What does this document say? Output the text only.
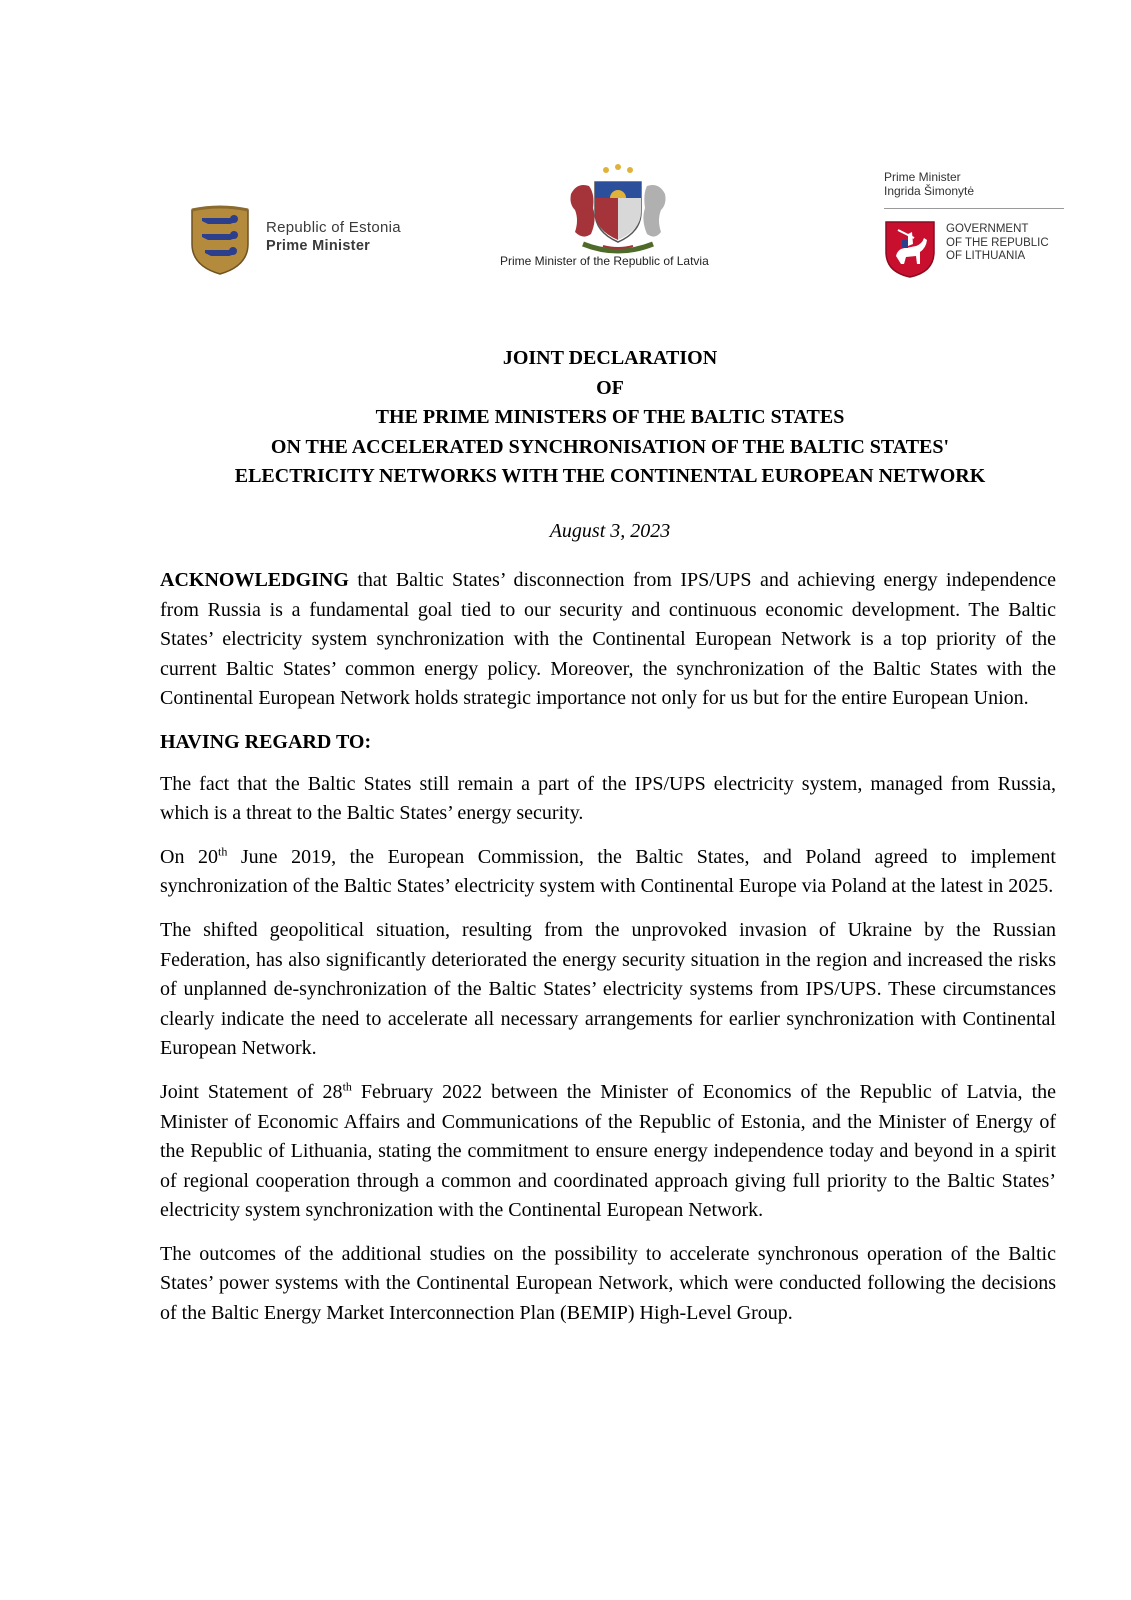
Republic of Estonia
Prime Minister
Prime Minister of the Republic of Latvia
Prime Minister
Ingrida Šimonytė
GOVERNMENT
OF THE REPUBLIC
OF LITHUANIA
JOINT DECLARATION
OF
THE PRIME MINISTERS OF THE BALTIC STATES
ON THE ACCELERATED SYNCHRONISATION OF THE BALTIC STATES'
ELECTRICITY NETWORKS WITH THE CONTINENTAL EUROPEAN NETWORK
August 3, 2023

ACKNOWLEDGING that Baltic States’ disconnection from IPS/UPS and achieving energy independence from Russia is a fundamental goal tied to our security and continuous economic development. The Baltic States’ electricity system synchronization with the Continental European Network is a top priority of the current Baltic States’ common energy policy. Moreover, the synchronization of the Baltic States with the Continental European Network holds strategic importance not only for us but for the entire European Union.

HAVING REGARD TO:

The fact that the Baltic States still remain a part of the IPS/UPS electricity system, managed from Russia, which is a threat to the Baltic States’ energy security.

On 20th June 2019, the European Commission, the Baltic States, and Poland agreed to implement synchronization of the Baltic States’ electricity system with Continental Europe via Poland at the latest in 2025.

The shifted geopolitical situation, resulting from the unprovoked invasion of Ukraine by the Russian Federation, has also significantly deteriorated the energy security situation in the region and increased the risks of unplanned de-synchronization of the Baltic States’ electricity systems from IPS/UPS. These circumstances clearly indicate the need to accelerate all necessary arrangements for earlier synchronization with Continental European Network.

Joint Statement of 28th February 2022 between the Minister of Economics of the Republic of Latvia, the Minister of Economic Affairs and Communications of the Republic of Estonia, and the Minister of Energy of the Republic of Lithuania, stating the commitment to ensure energy independence today and beyond in a spirit of regional cooperation through a common and coordinated approach giving full priority to the Baltic States’ electricity system synchronization with the Continental European Network.

The outcomes of the additional studies on the possibility to accelerate synchronous operation of the Baltic States’ power systems with the Continental European Network, which were conducted following the decisions of the Baltic Energy Market Interconnection Plan (BEMIP) High-Level Group.
